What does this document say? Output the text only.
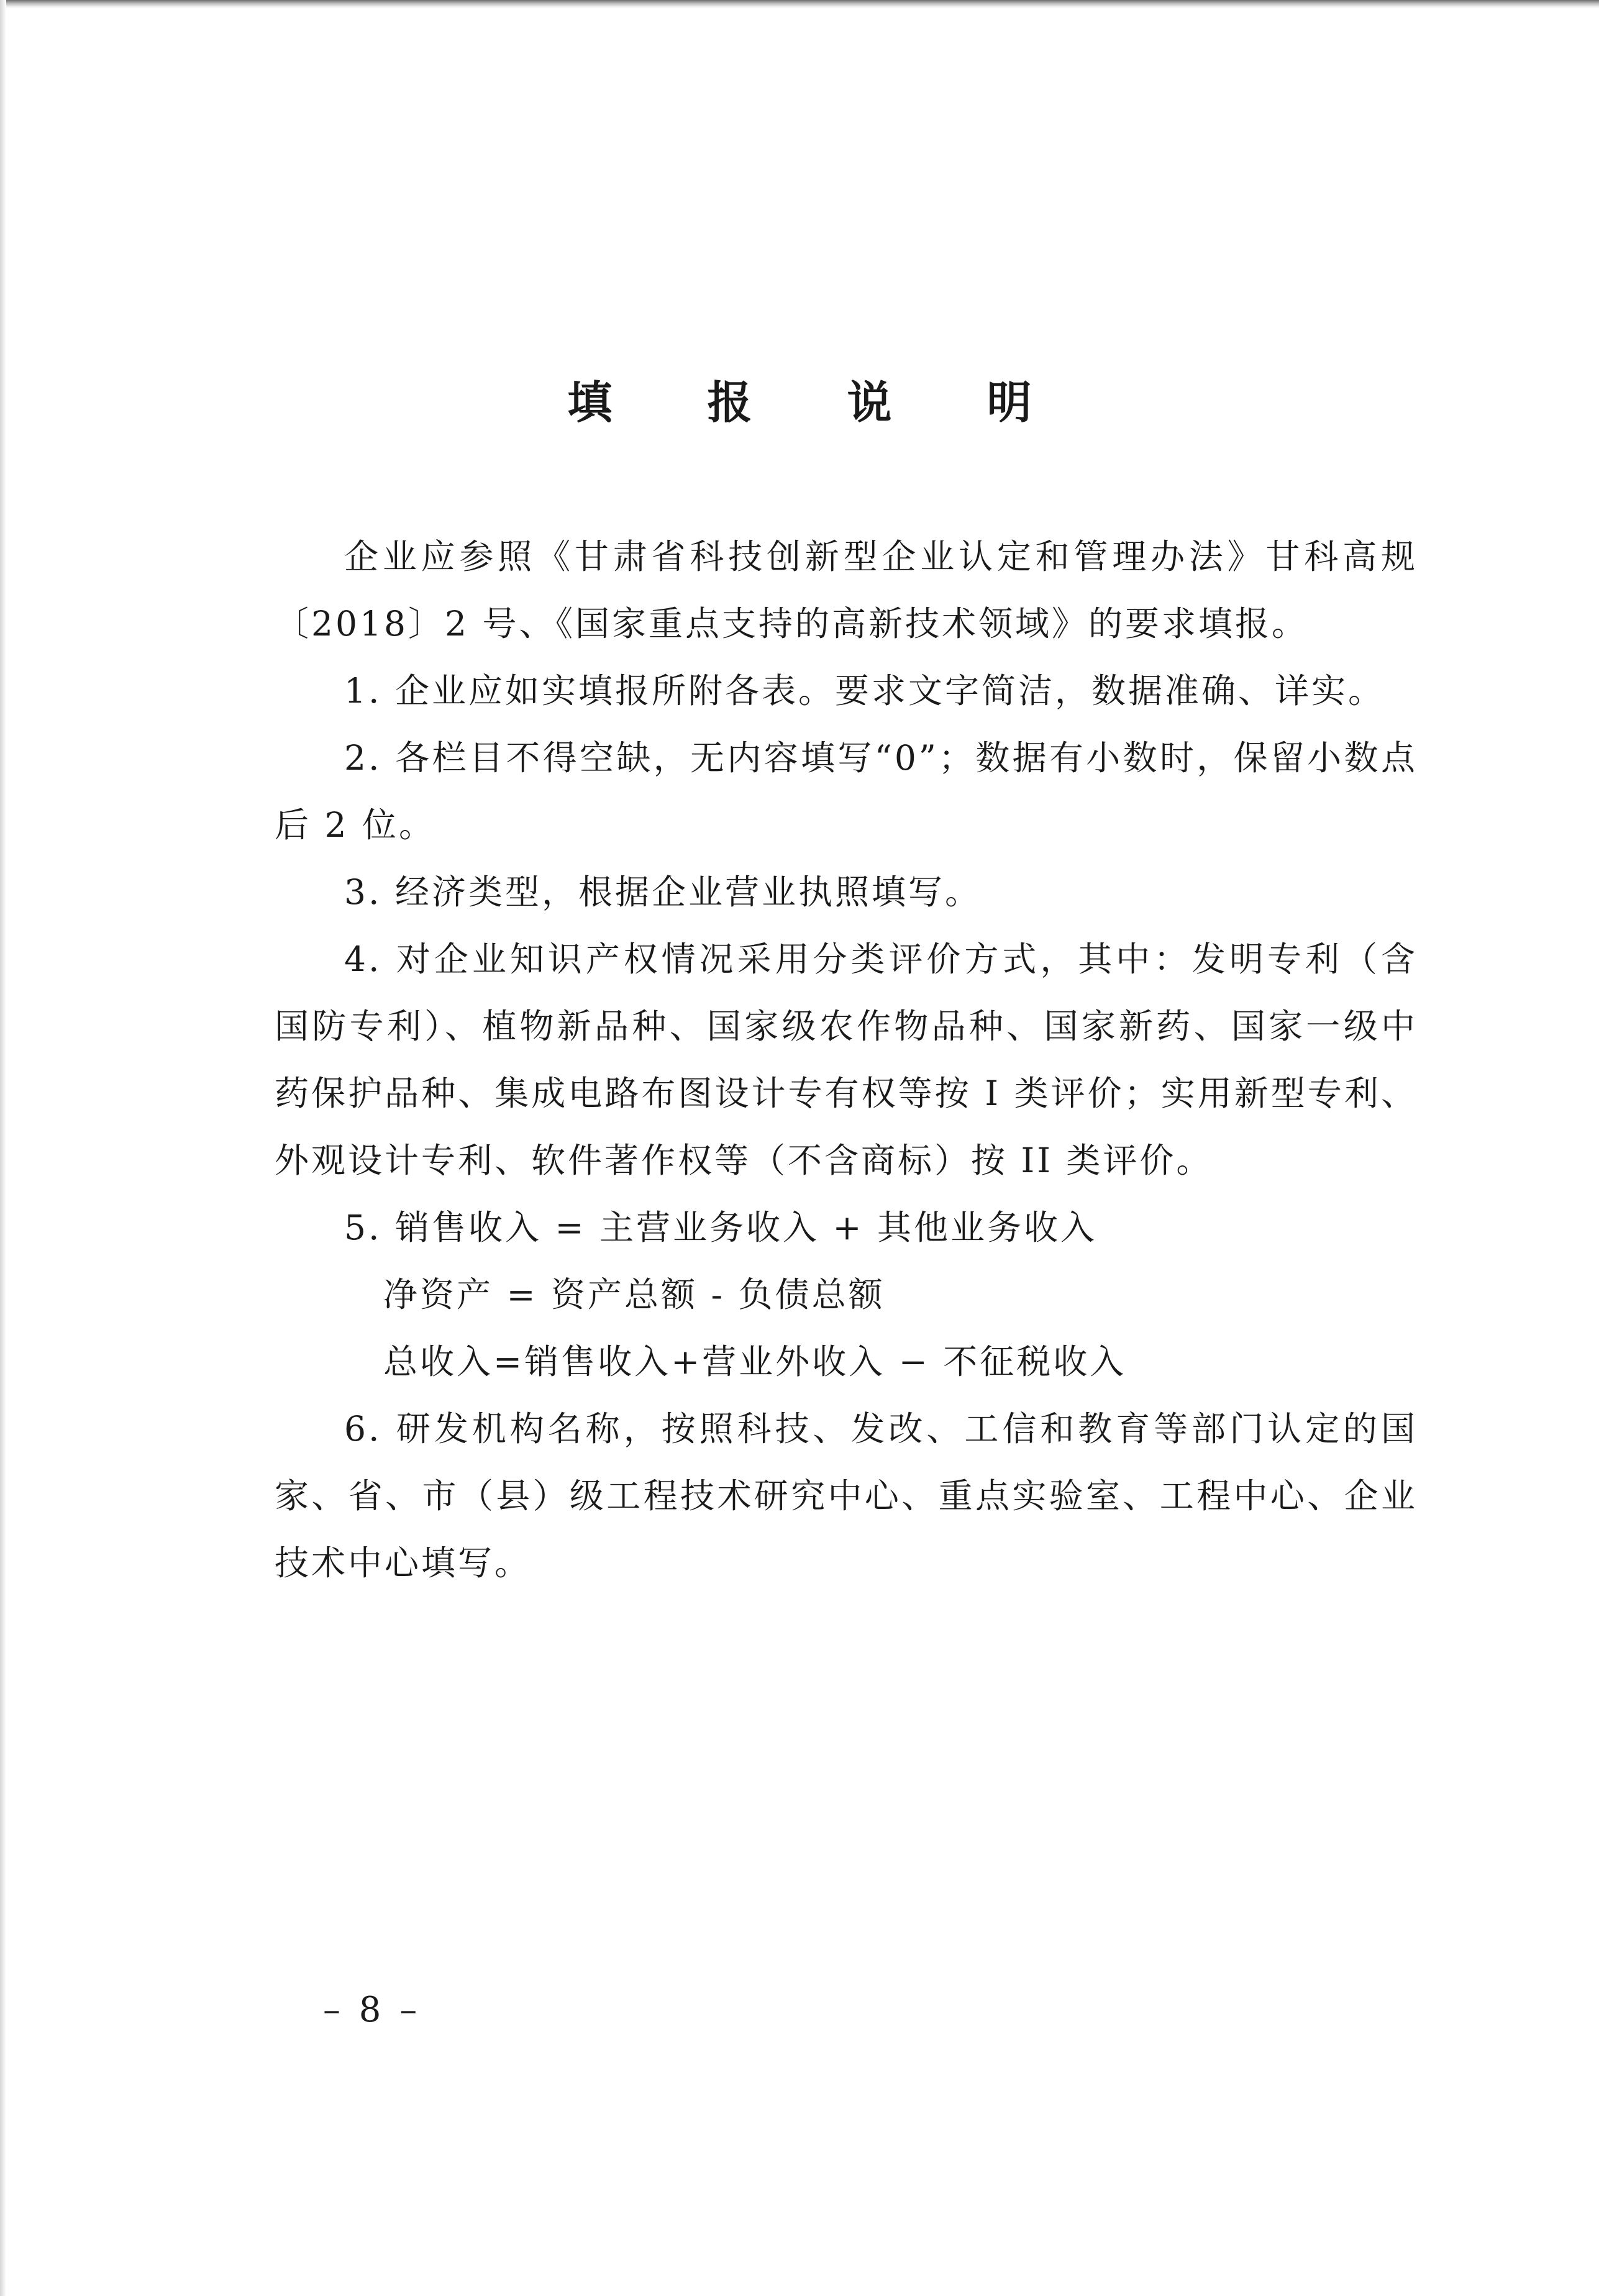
填 报 说 明

企业应参照《甘肃省科技创新型企业认定和管理办法》甘科高规〔2018〕2 号、《国家重点支持的高新技术领域》的要求填报。

1. 企业应如实填报所附各表。要求文字简洁，数据准确、详实。

2. 各栏目不得空缺，无内容填写“0”；数据有小数时，保留小数点后 2 位。

3. 经济类型，根据企业营业执照填写。

4. 对企业知识产权情况采用分类评价方式，其中：发明专利（含国防专利）、植物新品种、国家级农作物品种、国家新药、国家一级中药保护品种、集成电路布图设计专有权等按 I 类评价；实用新型专利、外观设计专利、软件著作权等（不含商标）按 II 类评价。

5. 销售收入 = 主营业务收入 + 其他业务收入

净资产 = 资产总额 - 负债总额

总收入=销售收入+营业外收入 − 不征税收入

6. 研发机构名称，按照科技、发改、工信和教育等部门认定的国家、省、市（县）级工程技术研究中心、重点实验室、工程中心、企业技术中心填写。

– 8 –
